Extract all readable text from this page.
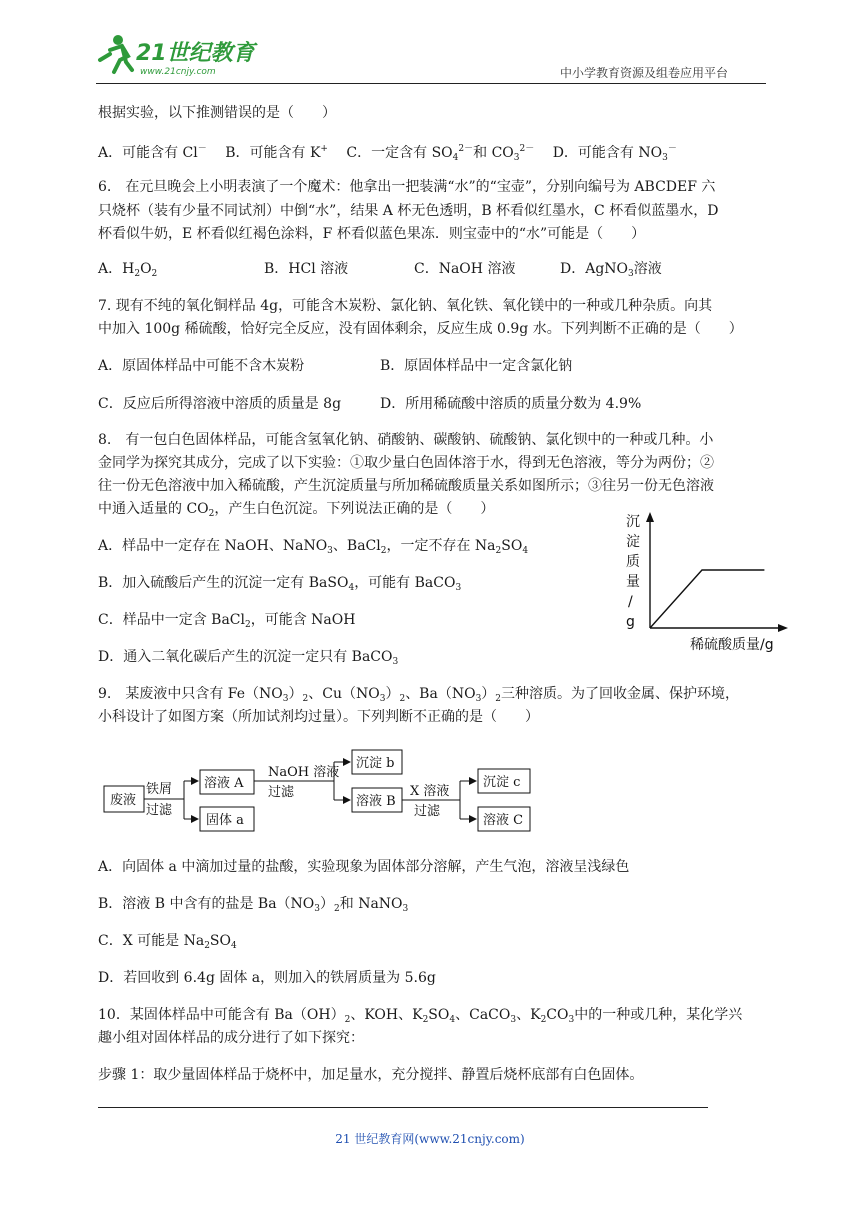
21世纪教育
www.21cnjy.com	中小学教育资源及组卷应用平台
根据实验，以下推测错误的是（　　）
A．可能含有 Cl－　 B．可能含有 K+　 C．一定含有 $SO_4^{2-}$和 $CO_3^{2-}$　 D．可能含有 $NO_3^-$
6.　在元旦晚会上小明表演了一个魔术：他拿出一把装满“水”的“宝壶”，分别向编号为 ABCDEF 六
只烧杯（装有少量不同试剂）中倒“水”，结果 A 杯无色透明，B 杯看似红墨水，C 杯看似蓝墨水，D
杯看似牛奶，E 杯看似红褐色涂料，F 杯看似蓝色果冻．则宝壶中的“水”可能是（　　）
A．$H_2O_2$	B．HCl 溶液	C．NaOH 溶液	D．AgNO$_3$溶液
7. 现有不纯的氧化铜样品 4g，可能含木炭粉、氯化钠、氧化铁、氧化镁中的一种或几种杂质。向其
中加入 100g 稀硫酸，恰好完全反应，没有固体剩余，反应生成 0.9g 水。下列判断不正确的是（　　）
A．原固体样品中可能不含木炭粉	B．原固体样品中一定含氯化钠
C．反应后所得溶液中溶质的质量是 8g	D．所用稀硫酸中溶质的质量分数为 4.9%
8.　有一包白色固体样品，可能含氢氧化钠、硝酸钠、碳酸钠、硫酸钠、氯化钡中的一种或几种。小
金同学为探究其成分，完成了以下实验：①取少量白色固体溶于水，得到无色溶液，等分为两份；②
往一份无色溶液中加入稀硫酸，产生沉淀质量与所加稀硫酸质量关系如图所示；③往另一份无色溶液
中通入适量的 $CO_2$，产生白色沉淀。下列说法正确的是（　　）
A．样品中一定存在 NaOH、NaNO$_3$、BaCl$_2$，一定不存在 $Na_2SO_4$
B．加入硫酸后产生的沉淀一定有 BaSO$_4$，可能有 BaCO$_3$
C．样品中一定含 BaCl$_2$，可能含 NaOH
D．通入二氧化碳后产生的沉淀一定只有 BaCO$_3$
沉
淀
质
量
/
g
稀硫酸质量/g
9.　某废液中只含有 $Fe(NO_3)_2$、$Cu(NO_3)_2$、$Ba(NO_3)_2$三种溶质。为了回收金属、保护环境，
小科设计了如图方案（所加试剂均过量）。下列判断不正确的是（　　）
废液
铁屑
过滤
溶液 A
固体 a
NaOH 溶液
过滤
沉淀 b
溶液 B
X 溶液
过滤
沉淀 c
溶液 C
A．向固体 a 中滴加过量的盐酸，实验现象为固体部分溶解，产生气泡，溶液呈浅绿色
B．溶液 B 中含有的盐是 $Ba(NO_3)_2$和 NaNO$_3$
C．X 可能是 $Na_2SO_4$
D．若回收到 6.4g 固体 a，则加入的铁屑质量为 5.6g
10．某固体样品中可能含有 $Ba(OH)_2$、KOH、$K_2SO_4$、CaCO$_3$、$K_2CO_3$中的一种或几种，某化学兴
趣小组对固体样品的成分进行了如下探究：
步骤 1：取少量固体样品于烧杯中，加足量水，充分搅拌、静置后烧杯底部有白色固体。
21 世纪教育网(www.21cnjy.com)
